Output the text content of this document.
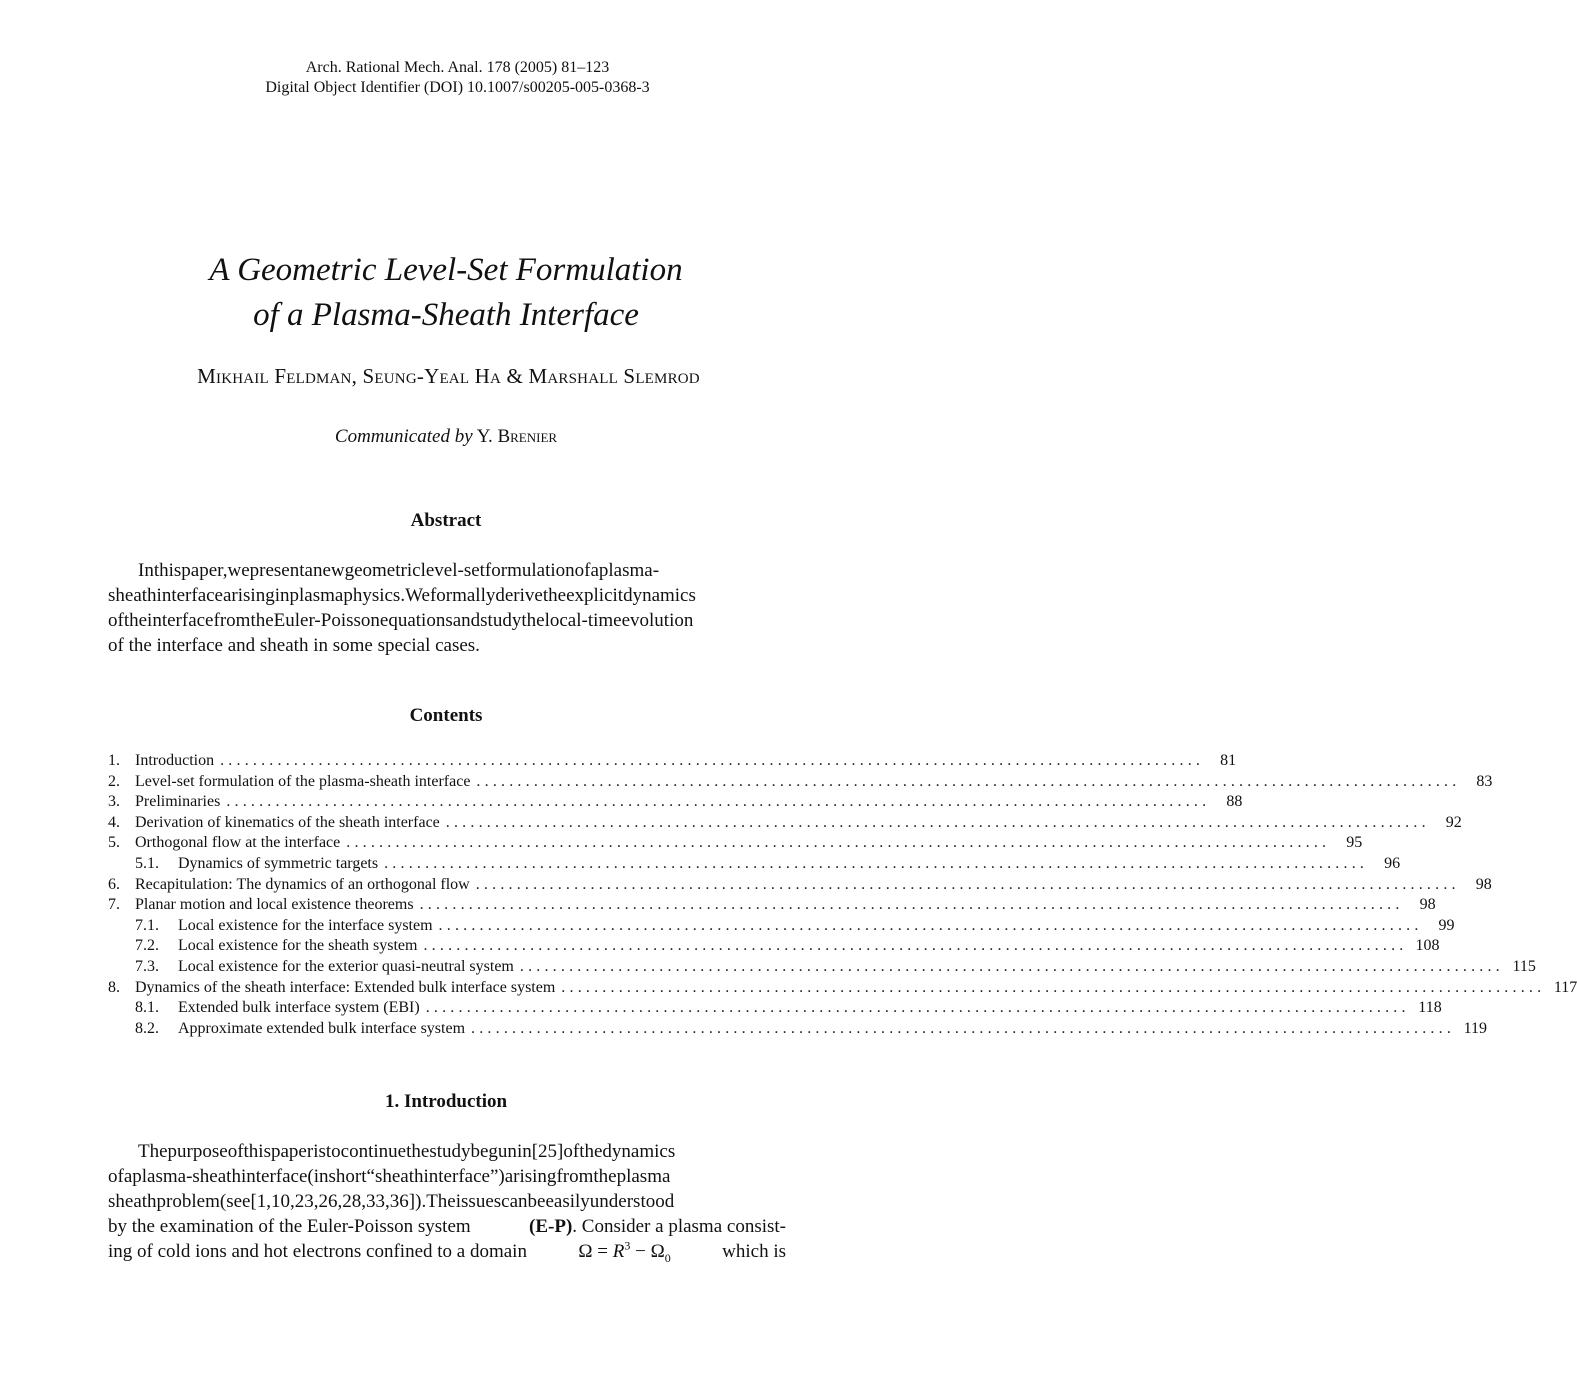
Arch. Rational Mech. Anal. 178 (2005) 81–123
Digital Object Identifier (DOI) 10.1007/s00205-005-0368-3
A Geometric Level-Set Formulation
of a Plasma-Sheath Interface
Mikhail Feldman, Seung-Yeal Ha & Marshall Slemrod
Communicated by Y. Brenier
Abstract
Inthispaper,wepresentanewgeometriclevel-setformulationofaplasma-
sheathinterfacearisinginplasmaphysics.Weformallyderivetheexplicitdynamics
oftheinterfacefromtheEuler-Poissonequationsandstudythelocal-timeevolution
of the interface and sheath in some special cases.
Contents
1. Introduction ........................................................................................................................	81
2. Level-set formulation of the plasma-sheath interface ........................................................................................................................	83
3. Preliminaries ........................................................................................................................	88
4. Derivation of kinematics of the sheath interface ........................................................................................................................	92
5. Orthogonal flow at the interface ........................................................................................................................	95
5.1.	Dynamics of symmetric targets ........................................................................................................................	96
6. Recapitulation: The dynamics of an orthogonal flow ........................................................................................................................	98
7. Planar motion and local existence theorems ........................................................................................................................	98
7.1.	Local existence for the interface system ........................................................................................................................	99
7.2.	Local existence for the sheath system ........................................................................................................................ 108
7.3.	Local existence for the exterior quasi-neutral system ........................................................................................................................ 115
8. Dynamics of the sheath interface: Extended bulk interface system ........................................................................................................................ 117
8.1.	Extended bulk interface system (EBI) ........................................................................................................................ 118
8.2.	Approximate extended bulk interface system ........................................................................................................................ 119
1. Introduction
Thepurposeofthispaperistocontinuethestudybegunin[25]ofthedynamics
ofaplasma-sheathinterface(inshort“sheathinterface”)arisingfromtheplasma
sheathproblem(see[1,10,23,26,28,33,36]).Theissuescanbeeasilyunderstood
by the examination of the Euler-Poisson system	(E-P). Consider a plasma consist-
ing of cold ions and hot electrons confined to a domain	$\Omega = R^3 - \Omega_0$	which is
